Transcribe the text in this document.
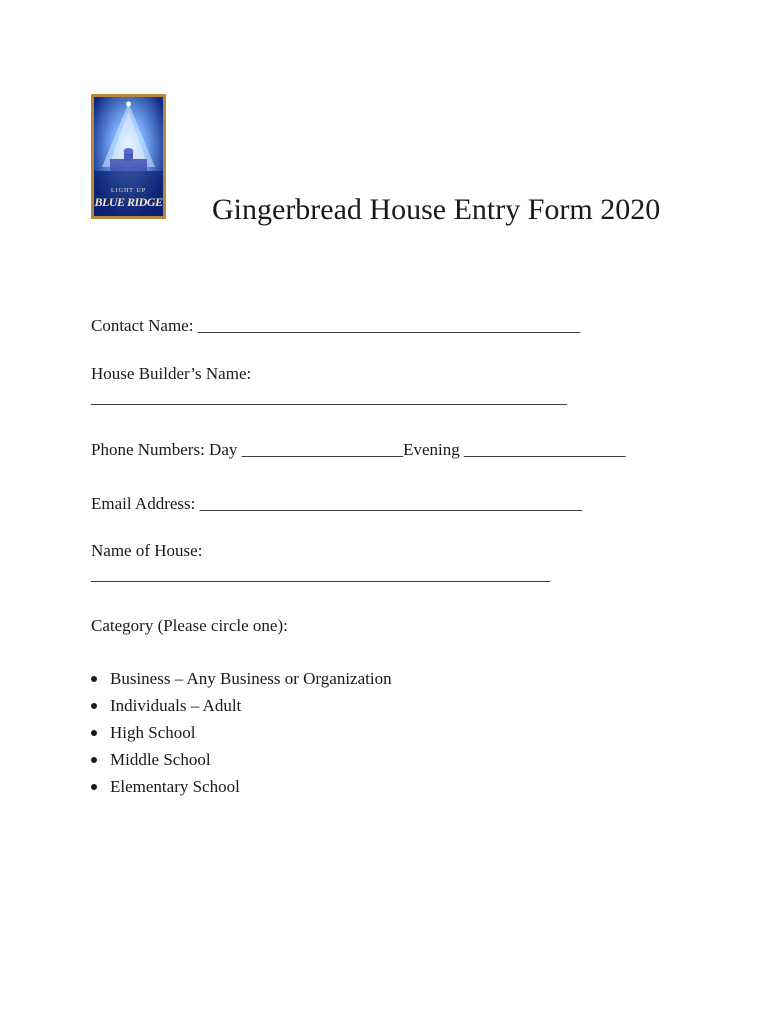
LIGHT UP
BLUE RIDGE Gingerbread House Entry Form 2020
Contact Name: _____________________________________________
House Builder’s Name:
________________________________________________________
Phone Numbers: Day ___________________Evening ___________________
Email Address: _____________________________________________
Name of House:
______________________________________________________
Category (Please circle one):
Business – Any Business or Organization
Individuals – Adult
High School
Middle School
Elementary School
